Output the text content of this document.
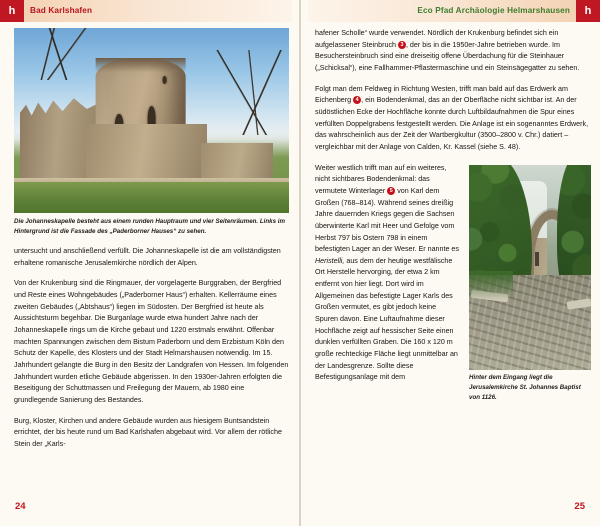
h	Bad Karlshafen
Die Johanneskapelle besteht aus einem runden Hauptraum und vier Seitenräumen. Links im Hintergrund ist die Fassade des „Paderborner Hauses“ zu sehen.

untersucht und anschließend verfüllt. Die Johanneskapelle ist die am vollständigsten erhaltene romanische Jerusalemkirche nördlich der Alpen.

Von der Krukenburg sind die Ringmauer, der vorgelagerte Burggraben, der Bergfried und Reste eines Wohngebäudes („Paderborner Haus“) erhalten. Kellerräume eines zweiten Gebäudes („Abtshaus“) liegen im Südosten. Der Bergfried ist heute als Aussichtsturm begehbar. Die Burganlage wurde etwa hundert Jahre nach der Johanneskapelle rings um die Kirche gebaut und 1220 erstmals erwähnt. Offenbar machten Spannungen zwischen dem Bistum Paderborn und dem Erzbistum Köln den Schutz der Kapelle, des Klosters und der Stadt Helmarshausen notwendig. Im 15. Jahrhundert gelangte die Burg in den Besitz der Landgrafen von Hessen. Im folgenden Jahrhundert wurden etliche Gebäude abgerissen. In den 1930er-Jahren erfolgten die Beseitigung der Schuttmassen und Freilegung der Mauern, ab 1980 eine grundlegende Sanierung des Bestandes.

Burg, Kloster, Kirchen und andere Gebäude wurden aus hiesigem Buntsandstein errichtet, der bis heute rund um Bad Karlshafen abgebaut wird. Vor allem der rötliche Stein der „Karls-

24
h
Eco Pfad Archäologie Helmarshausen

hafener Scholle“ wurde verwendet. Nördlich der Krukenburg befindet sich ein aufgelassener Steinbruch 3 , der bis in die 1950er-Jahre betrieben wurde. Im Besuchersteinbruch sind eine dreiseitig offene Überdachung für die Steinhauer („Schicksal“), eine Fallhammer-Pflastermaschine und ein Steinsägegatter zu sehen.

Folgt man dem Feldweg in Richtung Westen, trifft man bald auf das Erdwerk am Eichenberg 4 , ein Bodendenkmal, das an der Oberfläche nicht sichtbar ist. An der südöstlichen Ecke der Hochfläche konnte durch Luftbildaufnahmen die Spur eines verfüllten Doppelgrabens festgestellt werden. Die Anlage ist ein sogenanntes Erdwerk, das wahrscheinlich aus der Zeit der Wartbergkultur (3500–2800 v. Chr.) datiert – vergleichbar mit der Anlage von Calden, Kr. Kassel (siehe S. 48).

Hinter dem Eingang liegt die Jerusalemkirche St. Johannes Baptist von 1126.

Weiter westlich trifft man auf ein weiteres, nicht sichtbares Bodendenkmal: das vermutete Winterlager 5 von Karl dem Großen (768–814). Während seines dreißig Jahre dauernden Kriegs gegen die Sachsen überwinterte Karl mit Heer und Gefolge vom Herbst 797 bis Ostern 798 in einem befestigten Lager an der Weser. Er nannte es Heristelli, aus dem der heutige westfälische Ort Herstelle hervorging, der etwa 2 km entfernt von hier liegt. Dort wird im Allgemeinen das befestigte Lager Karls des Großen vermutet, es gibt jedoch keine Spuren davon. Eine Luftaufnahme dieser Hochfläche zeigt auf hessischer Seite einen dunklen verfüllten Graben. Die 160 x 120 m große rechteckige Fläche liegt unmittelbar an der Landesgrenze. Sollte diese Befestigungsanlage mit dem

25
